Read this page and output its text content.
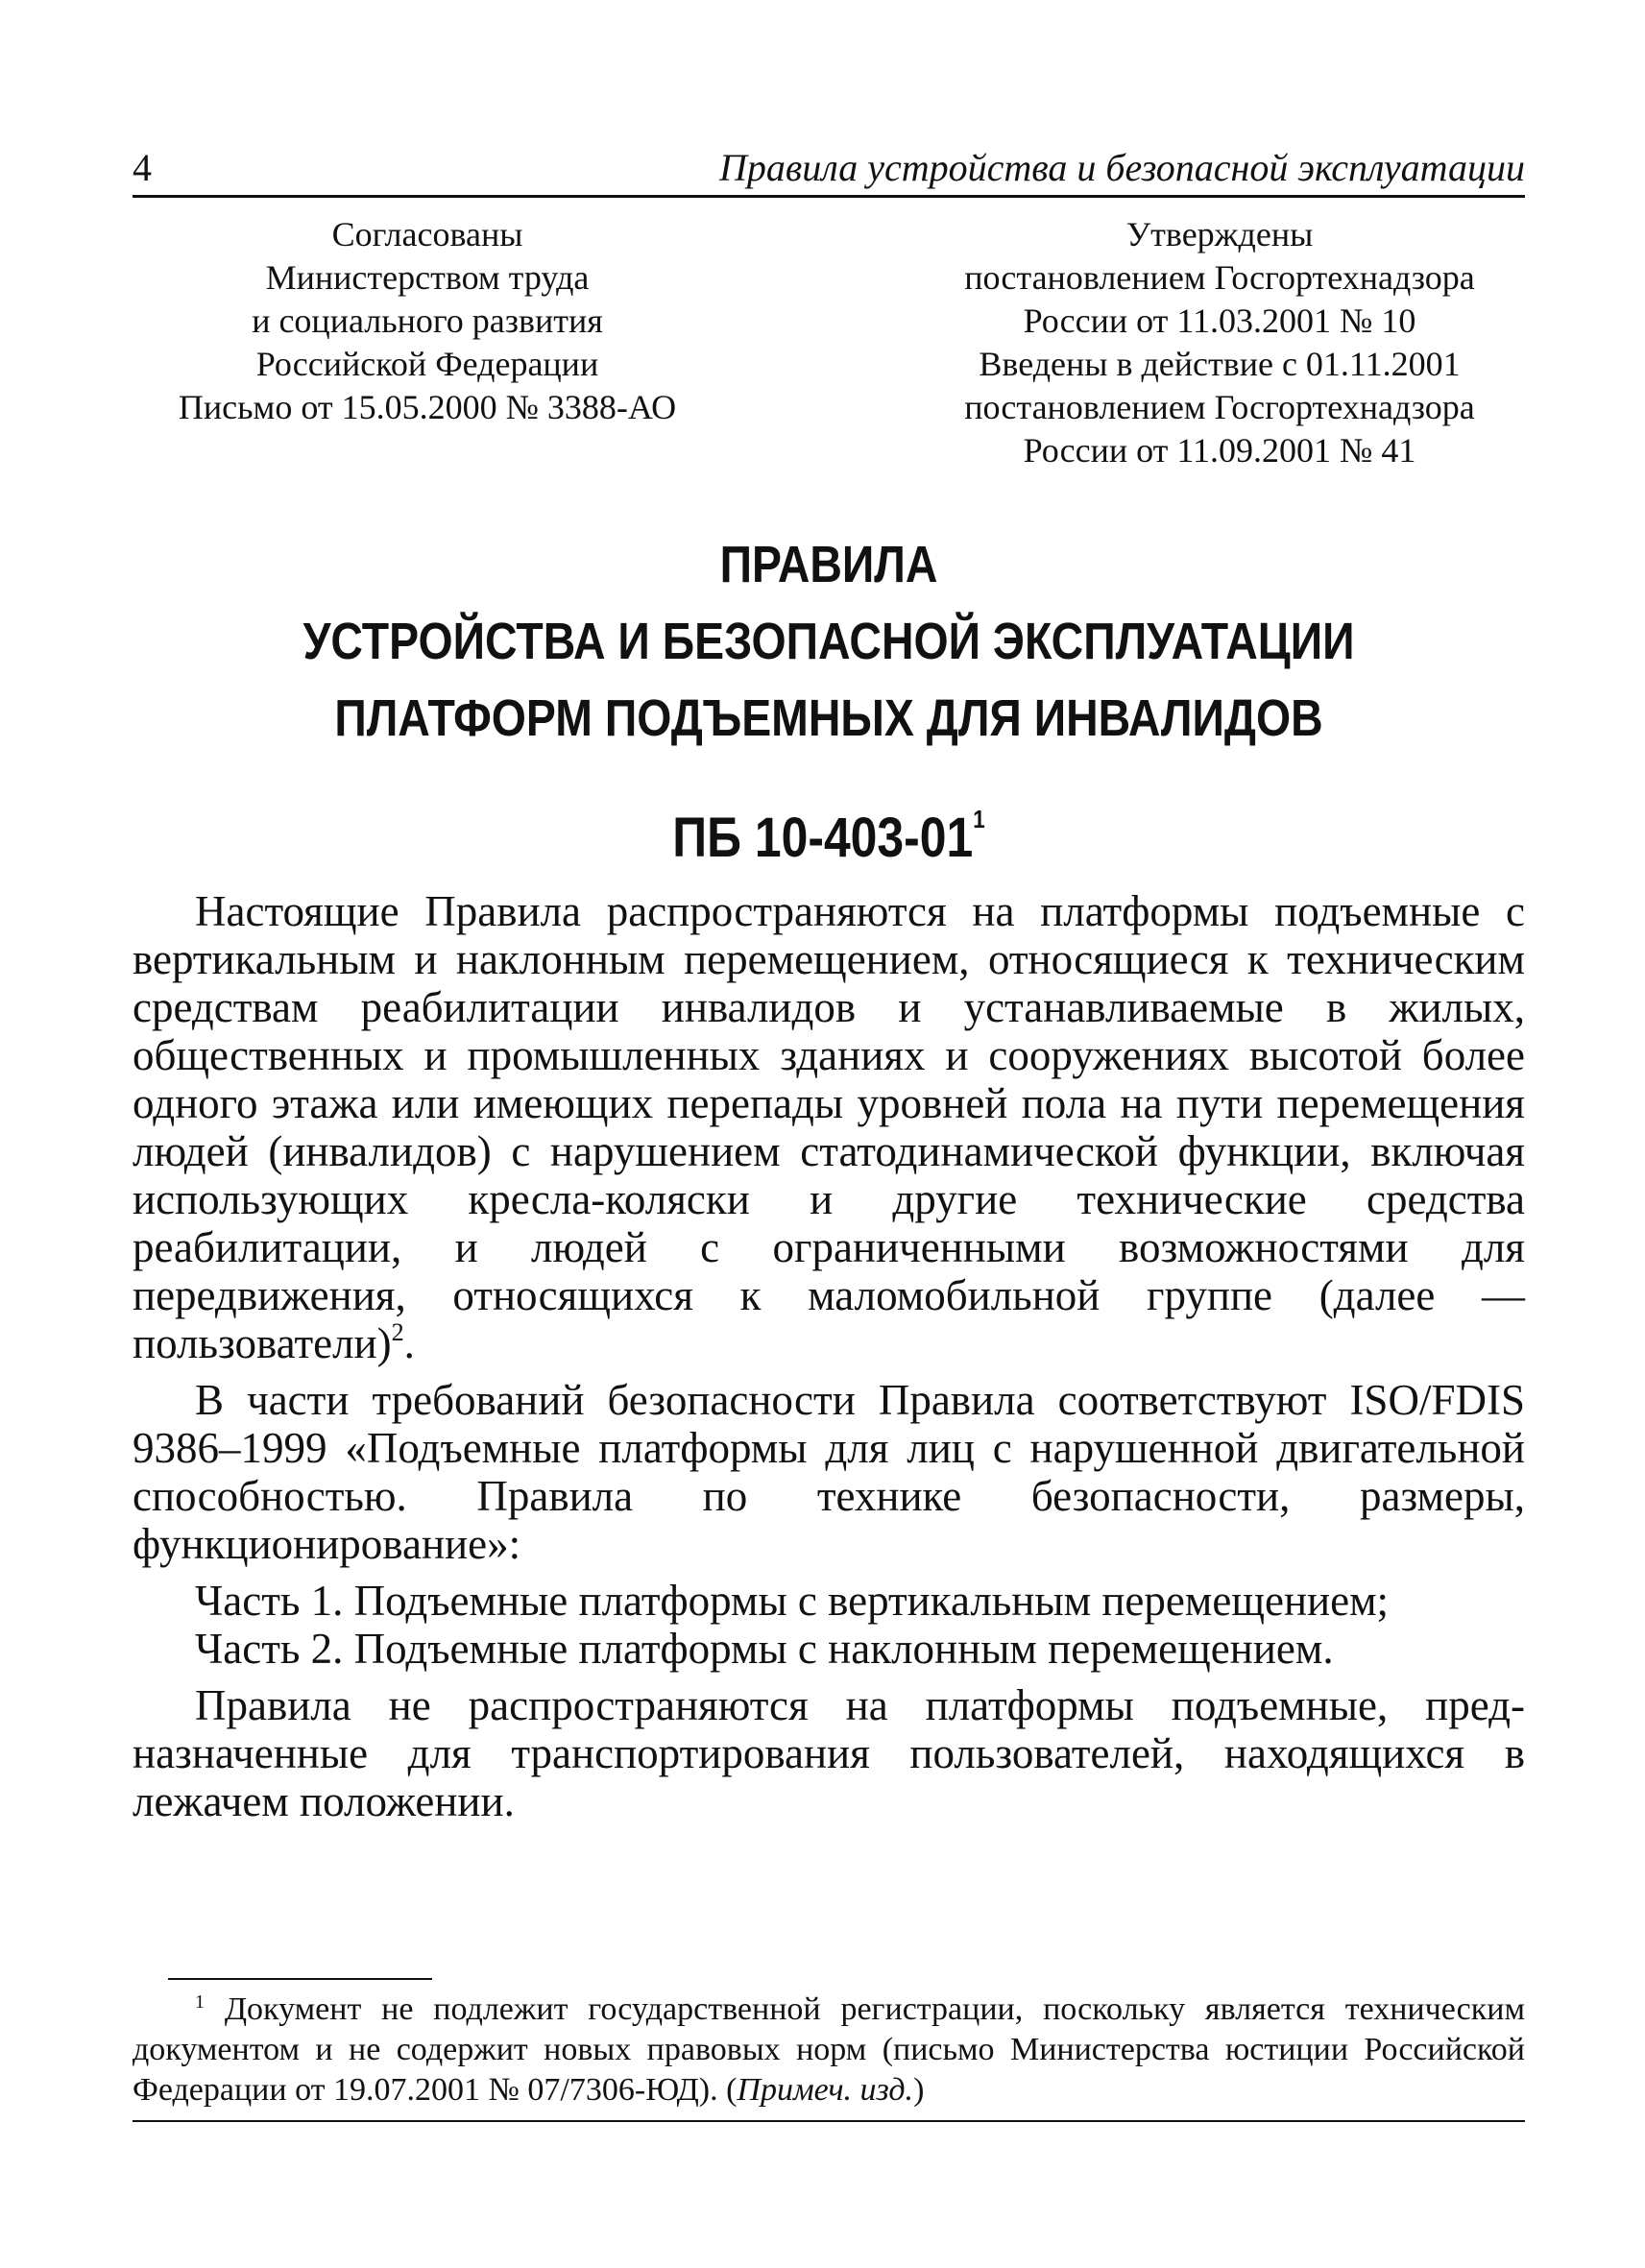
4	Правила устройства и безопасной эксплуатации
Согласованы
Министерством труда
и социального развития
Российской Федерации
Письмо от 15.05.2000 № 3388-АО
Утверждены
постановлением Госгортехнадзора
России от 11.03.2001 № 10
Введены в действие с 01.11.2001
постановлением Госгортехнадзора
России от 11.09.2001 № 41
ПРАВИЛА
УСТРОЙСТВА И БЕЗОПАСНОЙ ЭКСПЛУАТАЦИИ
ПЛАТФОРМ ПОДЪЕМНЫХ ДЛЯ ИНВАЛИДОВ
ПБ $10-403-01^1$

Настоящие Правила распространяются на платформы подъемные с вертикальным и наклонным перемещением, относящиеся к техническим средствам реабилитации инвалидов и устанавливаемые в жилых, общественных и промышленных зданиях и сооружениях высотой более одного этажа или имеющих перепады уровней пола на пути перемещения людей (инвалидов) с нарушением статодинамической функции, включая использующих кресла-коляски и другие технические средства реабилитации, и людей с ограниченными возможностями для передвижения, относящихся к маломобильной группе (далее — пользователи)$^2$.

В части требований безопасности Правила соответствуют ISO/FDIS 9386–1999 «Подъемные платформы для лиц с нарушенной двигательной способностью. Правила по технике безопасности, размеры, функционирование»:

Часть 1. Подъемные платформы с вертикальным перемещением;

Часть 2. Подъемные платформы с наклонным перемещением.

Правила не распространяются на платформы подъемные, предназначенные для транспортирования пользователей, находящихся в лежачем положении.

$^1$ Документ не подлежит государственной регистрации, поскольку является техническим документом и не содержит новых правовых норм (письмо Министерства юстиции Российской Федерации от 19.07.2001 № 07/7306-ЮД). (Примеч. изд.)
